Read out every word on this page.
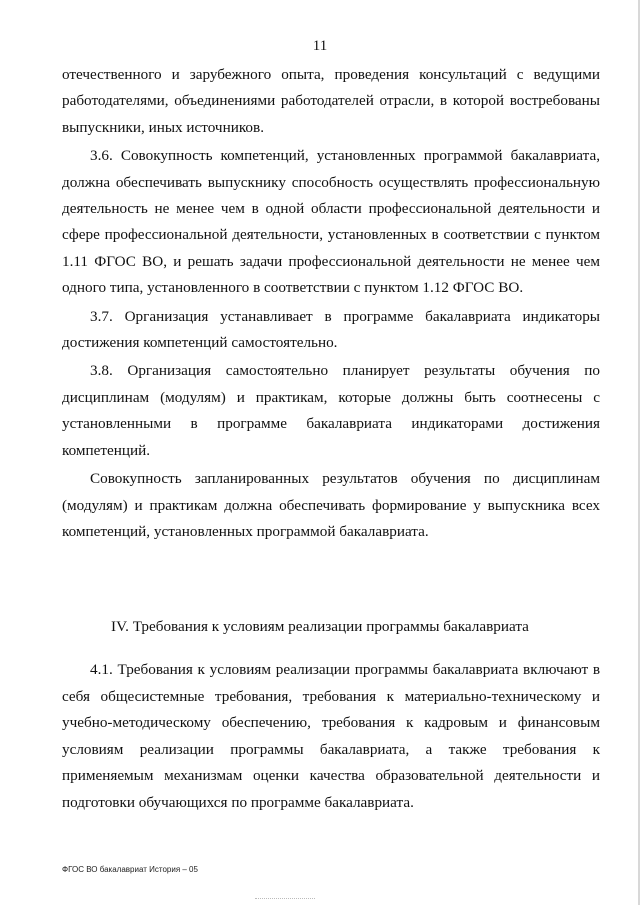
11

отечественного и зарубежного опыта, проведения консультаций с ведущими работодателями, объединениями работодателей отрасли, в которой востребованы выпускники, иных источников.

3.6. Совокупность компетенций, установленных программой бакалавриата, должна обеспечивать выпускнику способность осуществлять профессиональную деятельность не менее чем в одной области профессиональной деятельности и сфере профессиональной деятельности, установленных в соответствии с пунктом 1.11 ФГОС ВО, и решать задачи профессиональной деятельности не менее чем одного типа, установленного в соответствии с пунктом 1.12 ФГОС ВО.

3.7. Организация устанавливает в программе бакалавриата индикаторы достижения компетенций самостоятельно.

3.8. Организация самостоятельно планирует результаты обучения по дисциплинам (модулям) и практикам, которые должны быть соотнесены с установленными в программе бакалавриата индикаторами достижения компетенций.

Совокупность запланированных результатов обучения по дисциплинам (модулям) и практикам должна обеспечивать формирование у выпускника всех компетенций, установленных программой бакалавриата.

IV. Требования к условиям реализации программы бакалавриата

4.1. Требования к условиям реализации программы бакалавриата включают в себя общесистемные требования, требования к материально-техническому и учебно-методическому обеспечению, требования к кадровым и финансовым условиям реализации программы бакалавриата, а также требования к применяемым механизмам оценки качества образовательной деятельности и подготовки обучающихся по программе бакалавриата.

ФГОС ВО бакалавриат История – 05
